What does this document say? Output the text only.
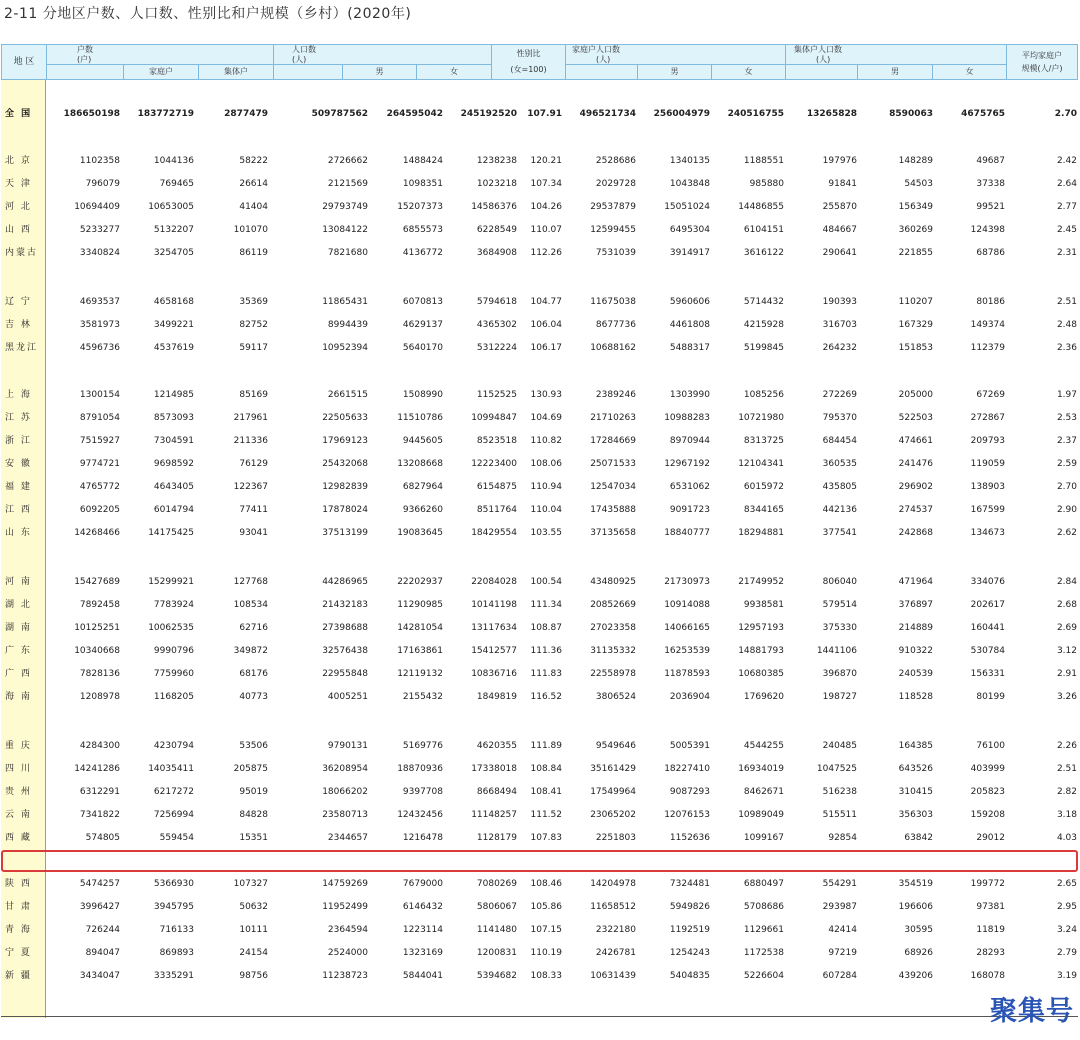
2-11 分地区户数、人口数、性别比和户规模（乡村）(2020年)
地 区
户数
(户)
家庭户	集体户
人口数
(人)
男	女
性别比
(女=100)
家庭户人口数
(人)
男	女
集体户人口数
(人)
男	女
平均家庭户
规模(人/户)
全 国	186650198	183772719	2877479	509787562	264595042	245192520	107.91	496521734	256004979	240516755	13265828	8590063	4675765	2.70
北 京	1102358	1044136	58222	2726662	1488424	1238238	120.21	2528686	1340135	1188551	197976	148289	49687	2.42
天 津	796079	769465	26614	2121569	1098351	1023218	107.34	2029728	1043848	985880	91841	54503	37338	2.64
河 北	10694409	10653005	41404	29793749	15207373	14586376	104.26	29537879	15051024	14486855	255870	156349	99521	2.77
山 西	5233277	5132207	101070	13084122	6855573	6228549	110.07	12599455	6495304	6104151	484667	360269	124398	2.45
内蒙古	3340824	3254705	86119	7821680	4136772	3684908	112.26	7531039	3914917	3616122	290641	221855	68786	2.31
辽 宁	4693537	4658168	35369	11865431	6070813	5794618	104.77	11675038	5960606	5714432	190393	110207	80186	2.51
吉 林	3581973	3499221	82752	8994439	4629137	4365302	106.04	8677736	4461808	4215928	316703	167329	149374	2.48
黑龙江	4596736	4537619	59117	10952394	5640170	5312224	106.17	10688162	5488317	5199845	264232	151853	112379	2.36
上 海	1300154	1214985	85169	2661515	1508990	1152525	130.93	2389246	1303990	1085256	272269	205000	67269	1.97
江 苏	8791054	8573093	217961	22505633	11510786	10994847	104.69	21710263	10988283	10721980	795370	522503	272867	2.53
浙 江	7515927	7304591	211336	17969123	9445605	8523518	110.82	17284669	8970944	8313725	684454	474661	209793	2.37
安 徽	9774721	9698592	76129	25432068	13208668	12223400	108.06	25071533	12967192	12104341	360535	241476	119059	2.59
福 建	4765772	4643405	122367	12982839	6827964	6154875	110.94	12547034	6531062	6015972	435805	296902	138903	2.70
江 西	6092205	6014794	77411	17878024	9366260	8511764	110.04	17435888	9091723	8344165	442136	274537	167599	2.90
山 东	14268466	14175425	93041	37513199	19083645	18429554	103.55	37135658	18840777	18294881	377541	242868	134673	2.62
河 南	15427689	15299921	127768	44286965	22202937	22084028	100.54	43480925	21730973	21749952	806040	471964	334076	2.84
湖 北	7892458	7783924	108534	21432183	11290985	10141198	111.34	20852669	10914088	9938581	579514	376897	202617	2.68
湖 南	10125251	10062535	62716	27398688	14281054	13117634	108.87	27023358	14066165	12957193	375330	214889	160441	2.69
广 东	10340668	9990796	349872	32576438	17163861	15412577	111.36	31135332	16253539	14881793	1441106	910322	530784	3.12
广 西	7828136	7759960	68176	22955848	12119132	10836716	111.83	22558978	11878593	10680385	396870	240539	156331	2.91
海 南	1208978	1168205	40773	4005251	2155432	1849819	116.52	3806524	2036904	1769620	198727	118528	80199	3.26
重 庆	4284300	4230794	53506	9790131	5169776	4620355	111.89	9549646	5005391	4544255	240485	164385	76100	2.26
四 川	14241286	14035411	205875	36208954	18870936	17338018	108.84	35161429	18227410	16934019	1047525	643526	403999	2.51
贵 州	6312291	6217272	95019	18066202	9397708	8668494	108.41	17549964	9087293	8462671	516238	310415	205823	2.82
云 南	7341822	7256994	84828	23580713	12432456	11148257	111.52	23065202	12076153	10989049	515511	356303	159208	3.18
西 藏	574805	559454	15351	2344657	1216478	1128179	107.83	2251803	1152636	1099167	92854	63842	29012	4.03
陕 西	5474257	5366930	107327	14759269	7679000	7080269	108.46	14204978	7324481	6880497	554291	354519	199772	2.65
甘 肃	3996427	3945795	50632	11952499	6146432	5806067	105.86	11658512	5949826	5708686	293987	196606	97381	2.95
青 海	726244	716133	10111	2364594	1223114	1141480	107.15	2322180	1192519	1129661	42414	30595	11819	3.24
宁 夏	894047	869893	24154	2524000	1323169	1200831	110.19	2426781	1254243	1172538	97219	68926	28293	2.79
新 疆	3434047	3335291	98756	11238723	5844041	5394682	108.33	10631439	5404835	5226604	607284	439206	168078	3.19
聚集号
